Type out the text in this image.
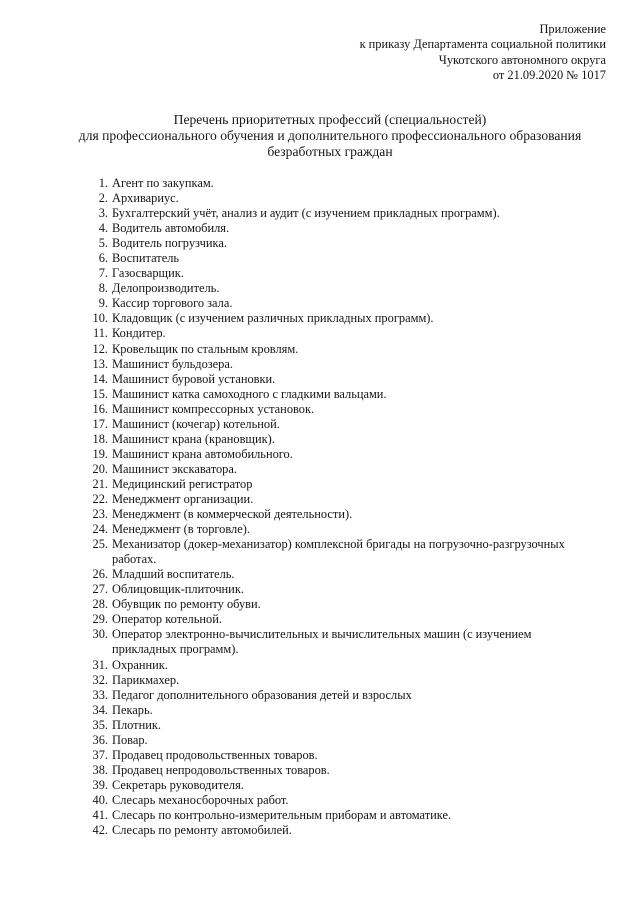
Приложение
к приказу Департамента социальной политики
Чукотского автономного округа
от 21.09.2020 № 1017
Перечень приоритетных профессий (специальностей)
для профессионального обучения и дополнительного профессионального образования
безработных граждан
1. Агент по закупкам.
2. Архивариус.
3. Бухгалтерский учёт, анализ и аудит (с изучением прикладных программ).
4. Водитель автомобиля.
5. Водитель погрузчика.
6. Воспитатель
7. Газосварщик.
8. Делопроизводитель.
9. Кассир торгового зала.
10. Кладовщик (с изучением различных прикладных программ).
11. Кондитер.
12. Кровельщик по стальным кровлям.
13. Машинист бульдозера.
14. Машинист буровой установки.
15. Машинист катка самоходного с гладкими вальцами.
16. Машинист компрессорных установок.
17. Машинист (кочегар) котельной.
18. Машинист крана (крановщик).
19. Машинист крана автомобильного.
20. Машинист экскаватора.
21. Медицинский регистратор
22. Менеджмент организации.
23. Менеджмент (в коммерческой деятельности).
24. Менеджмент (в торговле).
25. Механизатор (докер-механизатор) комплексной бригады на погрузочно-разгрузочных
работах.
26. Младший воспитатель.
27. Облицовщик-плиточник.
28. Обувщик по ремонту обуви.
29. Оператор котельной.
30. Оператор электронно-вычислительных и вычислительных машин (с изучением
прикладных программ).
31. Охранник.
32. Парикмахер.
33. Педагог дополнительного образования детей и взрослых
34. Пекарь.
35. Плотник.
36. Повар.
37. Продавец продовольственных товаров.
38. Продавец непродовольственных товаров.
39. Секретарь руководителя.
40. Слесарь механосборочных работ.
41. Слесарь по контрольно-измерительным приборам и автоматике.
42. Слесарь по ремонту автомобилей.
